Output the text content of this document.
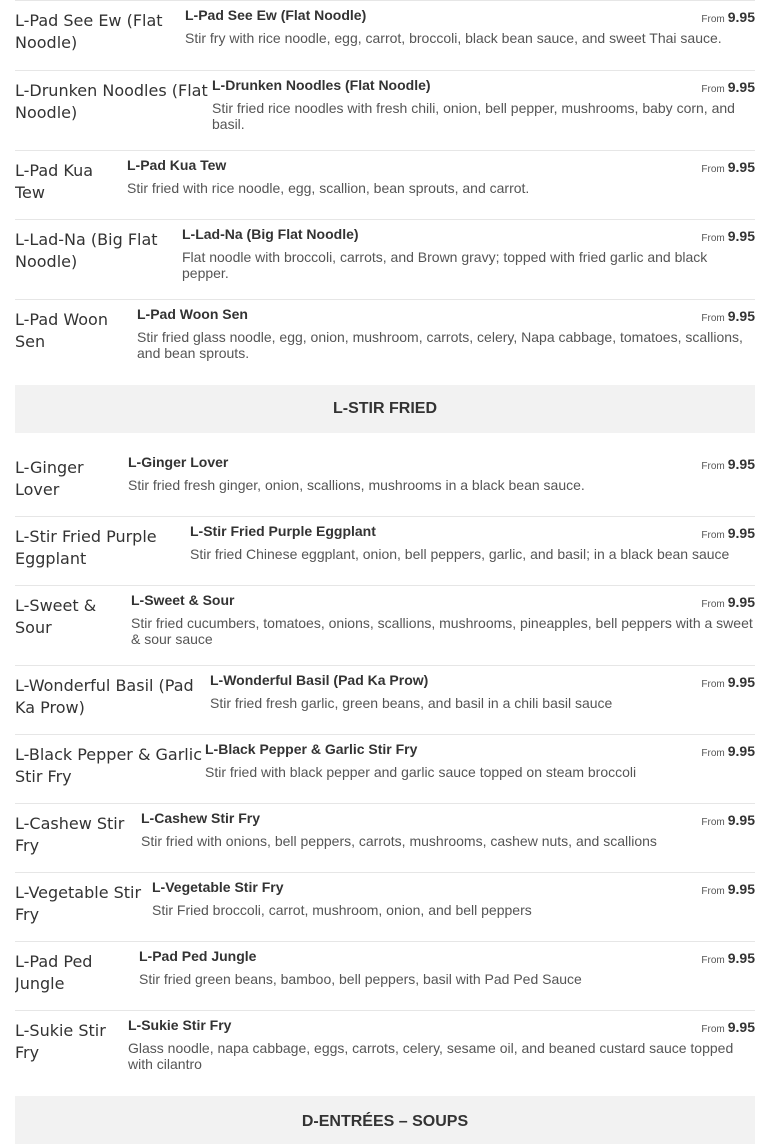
L-Pad See Ew (Flat Noodle)
L-Pad See Ew (Flat Noodle)
Stir fry with rice noodle, egg, carrot, broccoli, black bean sauce, and sweet Thai sauce.
From 9.95
L-Drunken Noodles (Flat Noodle)
L-Drunken Noodles (Flat Noodle)
Stir fried rice noodles with fresh chili, onion, bell pepper, mushrooms, baby corn, and basil.
From 9.95
L-Pad Kua Tew
L-Pad Kua Tew
Stir fried with rice noodle, egg, scallion, bean sprouts, and carrot.
From 9.95
L-Lad-Na (Big Flat Noodle)
L-Lad-Na (Big Flat Noodle)
Flat noodle with broccoli, carrots, and Brown gravy; topped with fried garlic and black pepper.
From 9.95
L-Pad Woon Sen
L-Pad Woon Sen
Stir fried glass noodle, egg, onion, mushroom, carrots, celery, Napa cabbage, tomatoes, scallions, and bean sprouts.
From 9.95
L-STIR FRIED
L-Ginger Lover
L-Ginger Lover
Stir fried fresh ginger, onion, scallions, mushrooms in a black bean sauce.
From 9.95
L-Stir Fried Purple Eggplant
L-Stir Fried Purple Eggplant
Stir fried Chinese eggplant, onion, bell peppers, garlic, and basil; in a black bean sauce
From 9.95
L-Sweet & Sour
L-Sweet & Sour
Stir fried cucumbers, tomatoes, onions, scallions, mushrooms, pineapples, bell peppers with a sweet & sour sauce
From 9.95
L-Wonderful Basil (Pad Ka Prow)
L-Wonderful Basil (Pad Ka Prow)
Stir fried fresh garlic, green beans, and basil in a chili basil sauce
From 9.95
L-Black Pepper & Garlic Stir Fry
L-Black Pepper & Garlic Stir Fry
Stir fried with black pepper and garlic sauce topped on steam broccoli
From 9.95
L-Cashew Stir Fry
L-Cashew Stir Fry
Stir fried with onions, bell peppers, carrots, mushrooms, cashew nuts, and scallions
From 9.95
L-Vegetable Stir Fry
L-Vegetable Stir Fry
Stir Fried broccoli, carrot, mushroom, onion, and bell peppers
From 9.95
L-Pad Ped Jungle
L-Pad Ped Jungle
Stir fried green beans, bamboo, bell peppers, basil with Pad Ped Sauce
From 9.95
L-Sukie Stir Fry
L-Sukie Stir Fry
Glass noodle, napa cabbage, eggs, carrots, celery, sesame oil, and beaned custard sauce topped with cilantro
From 9.95
D-ENTRÉES – SOUPS
